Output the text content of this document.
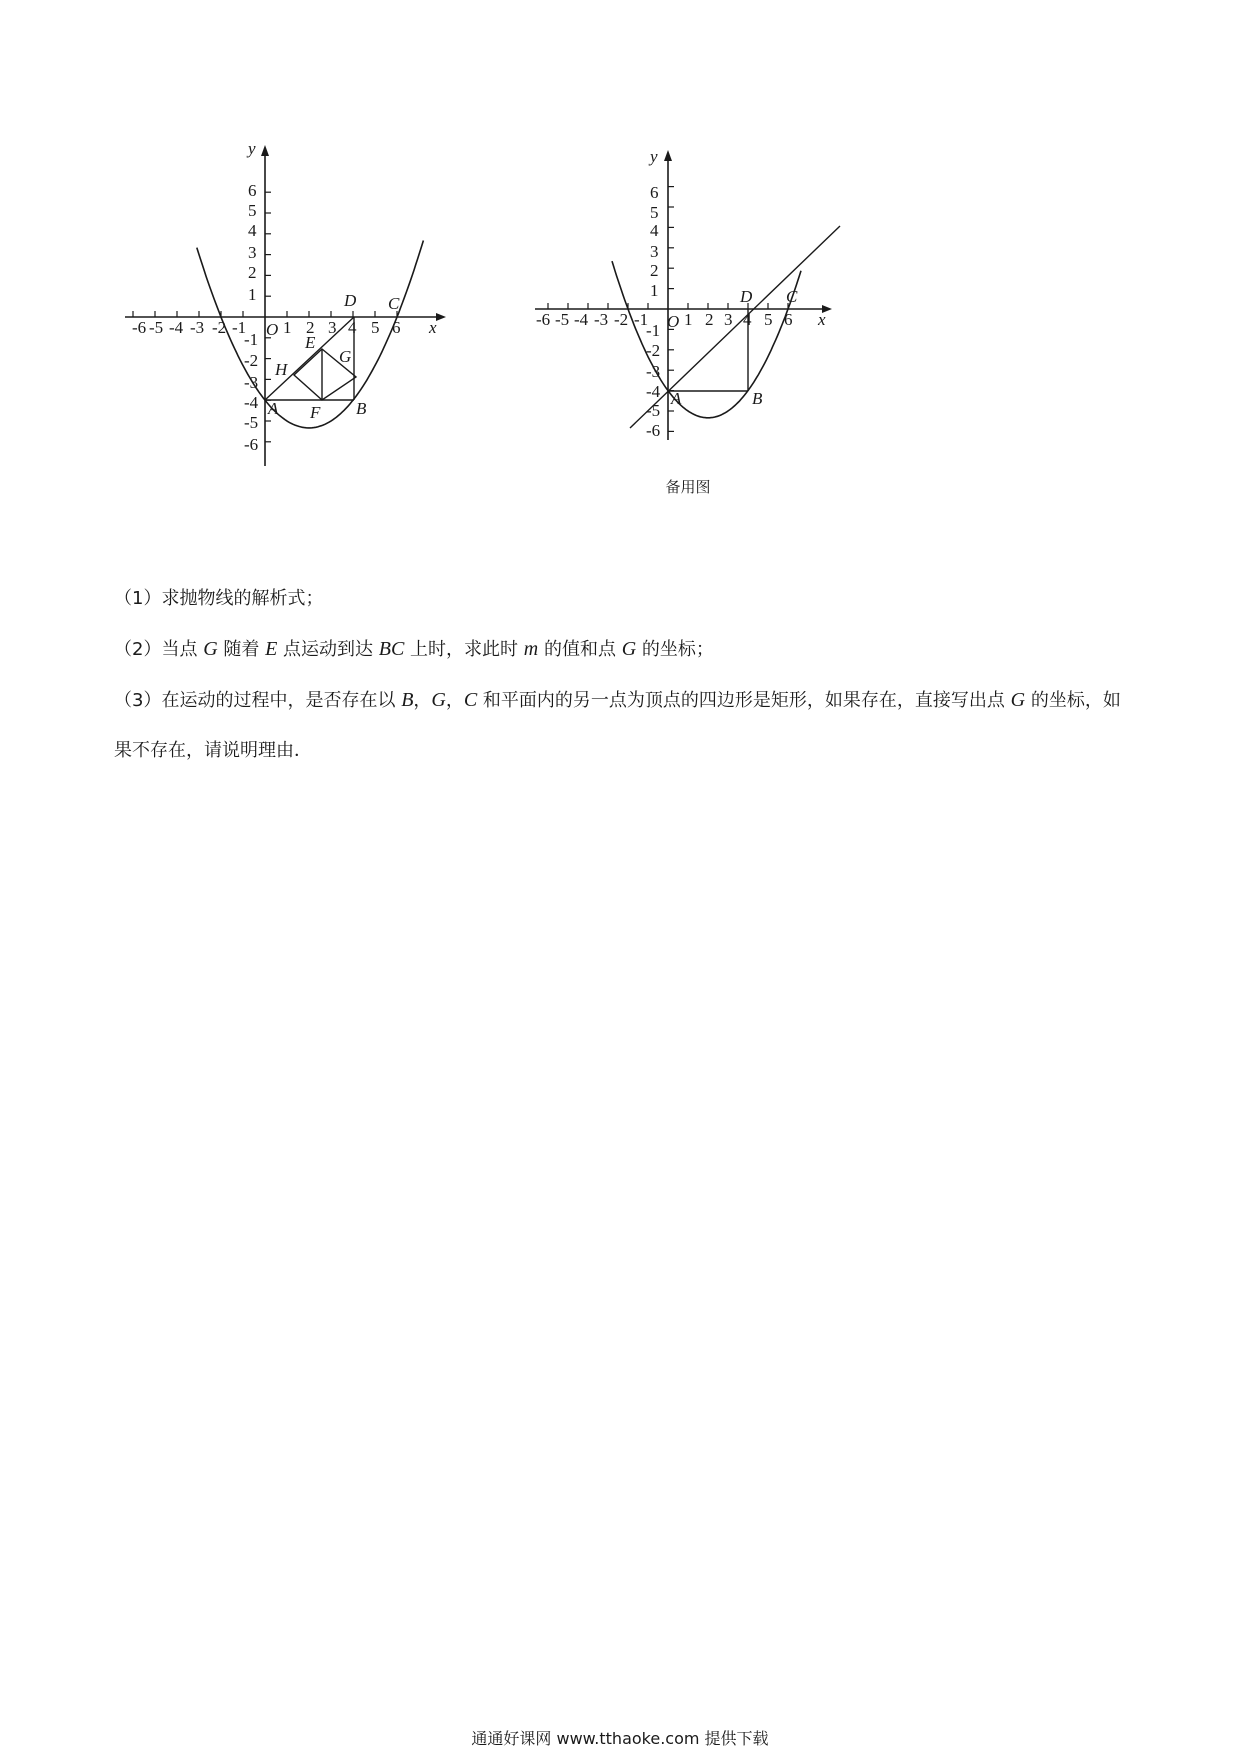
-6 -5 -4 -3 -2 -1 O 1 2 3 4 5 6 x
y
6
5
4
3
2
1
-1
-2
-3
-4
-5
-6
A	B
C
D
E
F
G
H
-6 -5 -4 -3 -2 -1 O 1 2 3 4 5 6 x
y
6
5
4
3
2
1
-1
-2
-3
-4
-5
-6
A	B
C
D
备用图

（1）求抛物线的解析式；

（2）当点 G 随着 E 点运动到达 BC 上时，求此时 m 的值和点 G 的坐标；

（3）在运动的过程中，是否存在以 B，G，C 和平面内的另一点为顶点的四边形是矩形，如果存在，直接写出点 G 的坐标，如果不存在，请说明理由．

通通好课网 www.tthaoke.com 提供下载
